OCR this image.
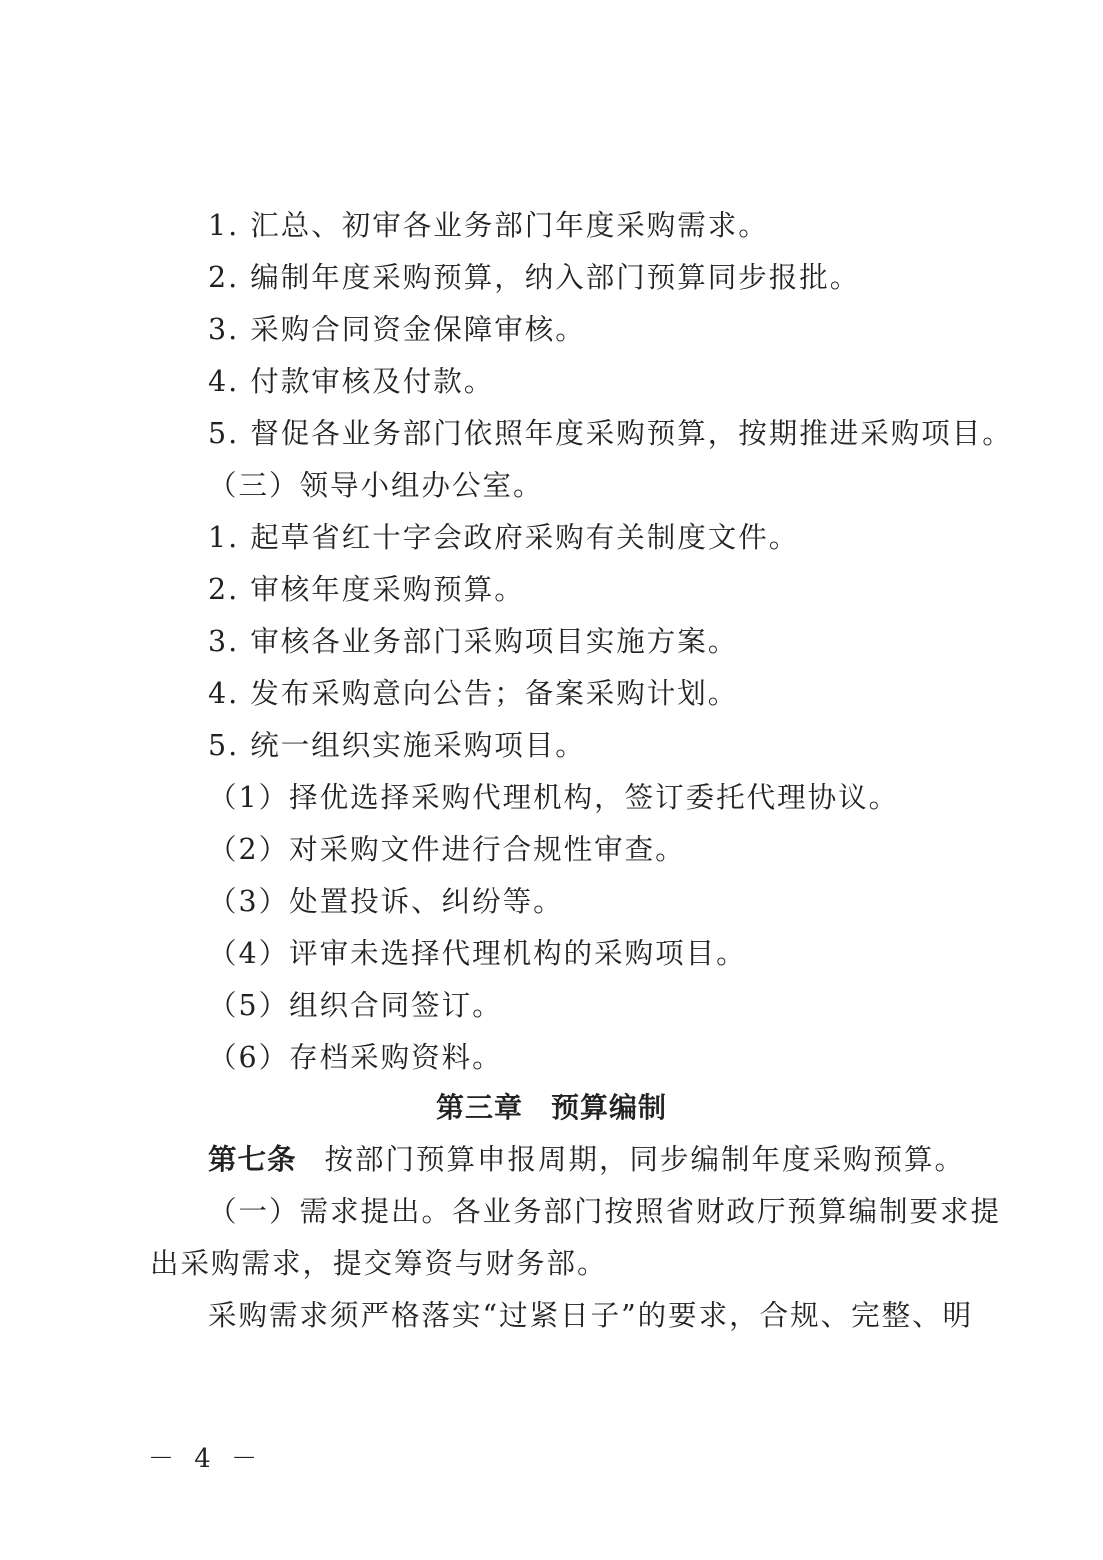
1. 汇总、初审各业务部门年度采购需求。
2. 编制年度采购预算，纳入部门预算同步报批。
3. 采购合同资金保障审核。
4. 付款审核及付款。
5. 督促各业务部门依照年度采购预算，按期推进采购项目。
（三）领导小组办公室。
1. 起草省红十字会政府采购有关制度文件。
2. 审核年度采购预算。
3. 审核各业务部门采购项目实施方案。
4. 发布采购意向公告；备案采购计划。
5. 统一组织实施采购项目。
（1）择优选择采购代理机构，签订委托代理协议。
（2）对采购文件进行合规性审查。
（3）处置投诉、纠纷等。
（4）评审未选择代理机构的采购项目。
（5）组织合同签订。
（6）存档采购资料。
第三章 预算编制
第七条 按部门预算申报周期，同步编制年度采购预算。
（一）需求提出。各业务部门按照省财政厅预算编制要求提
出采购需求，提交筹资与财务部。
采购需求须严格落实“过紧日子”的要求，合规、完整、明
－ 4 －
